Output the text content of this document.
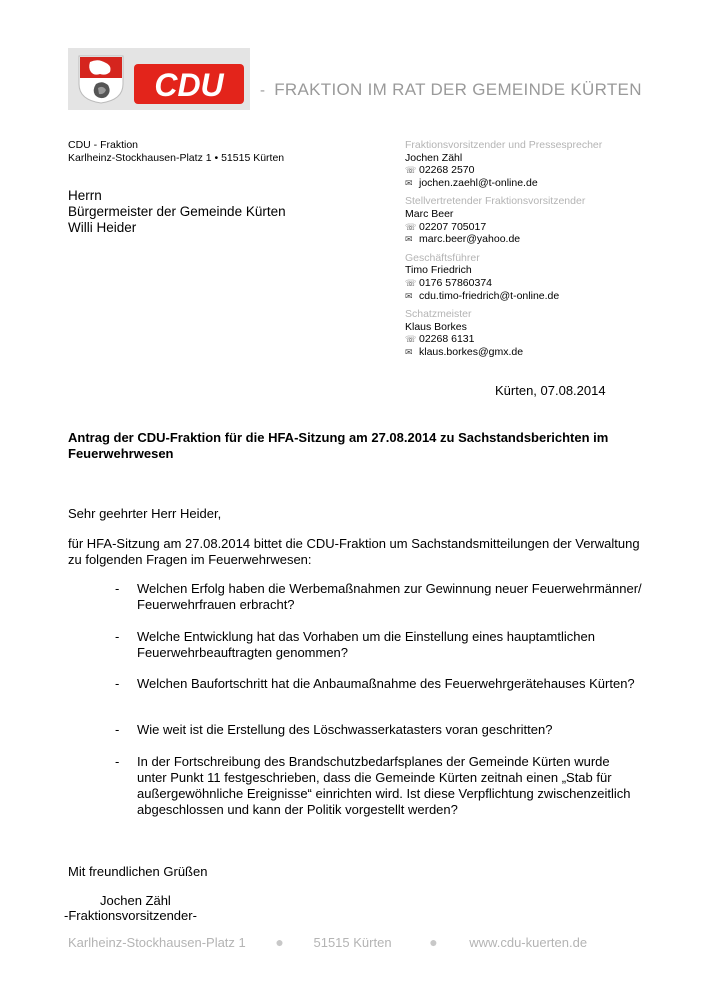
CDU - FRAKTION IM RAT DER GEMEINDE KÜRTEN
CDU - Fraktion
Karlheinz-Stockhausen-Platz 1 • 51515 Kürten
Herrn
Bürgermeister der Gemeinde Kürten
Willi Heider
Fraktionsvorsitzender und Pressesprecher
Jochen Zähl
☏ 02268 2570
✉ jochen.zaehl@t-online.de
Stellvertretender Fraktionsvorsitzender
Marc Beer
☏ 02207 705017
✉ marc.beer@yahoo.de
Geschäftsführer
Timo Friedrich
☏ 0176 57860374
✉ cdu.timo-friedrich@t-online.de
Schatzmeister
Klaus Borkes
☏ 02268 6131
✉ klaus.borkes@gmx.de
Kürten, 07.08.2014
Antrag der CDU-Fraktion für die HFA-Sitzung am 27.08.2014 zu Sachstandsberichten im Feuerwehrwesen

Sehr geehrter Herr Heider,

für HFA-Sitzung am 27.08.2014 bittet die CDU-Fraktion um Sachstandsmitteilungen der Verwaltung zu folgenden Fragen im Feuerwehrwesen:

- Welchen Erfolg haben die Werbemaßnahmen zur Gewinnung neuer Feuerwehrmänner/ Feuerwehrfrauen erbracht?
- Welche Entwicklung hat das Vorhaben um die Einstellung eines hauptamtlichen Feuerwehrbeauftragten genommen?
- Welchen Baufortschritt hat die Anbaumaßnahme des Feuerwehrgerätehauses Kürten?
- Wie weit ist die Erstellung des Löschwasserkatasters voran geschritten?
- In der Fortschreibung des Brandschutzbedarfsplanes der Gemeinde Kürten wurde unter Punkt 11 festgeschrieben, dass die Gemeinde Kürten zeitnah einen „Stab für außergewöhnliche Ereignisse“ einrichten wird. Ist diese Verpflichtung zwischenzeitlich abgeschlossen und kann der Politik vorgestellt werden?
Mit freundlichen Grüßen
Jochen Zähl
-Fraktionsvorsitzender-
Karlheinz-Stockhausen-Platz 1 ● 51515 Kürten	● www.cdu-kuerten.de
